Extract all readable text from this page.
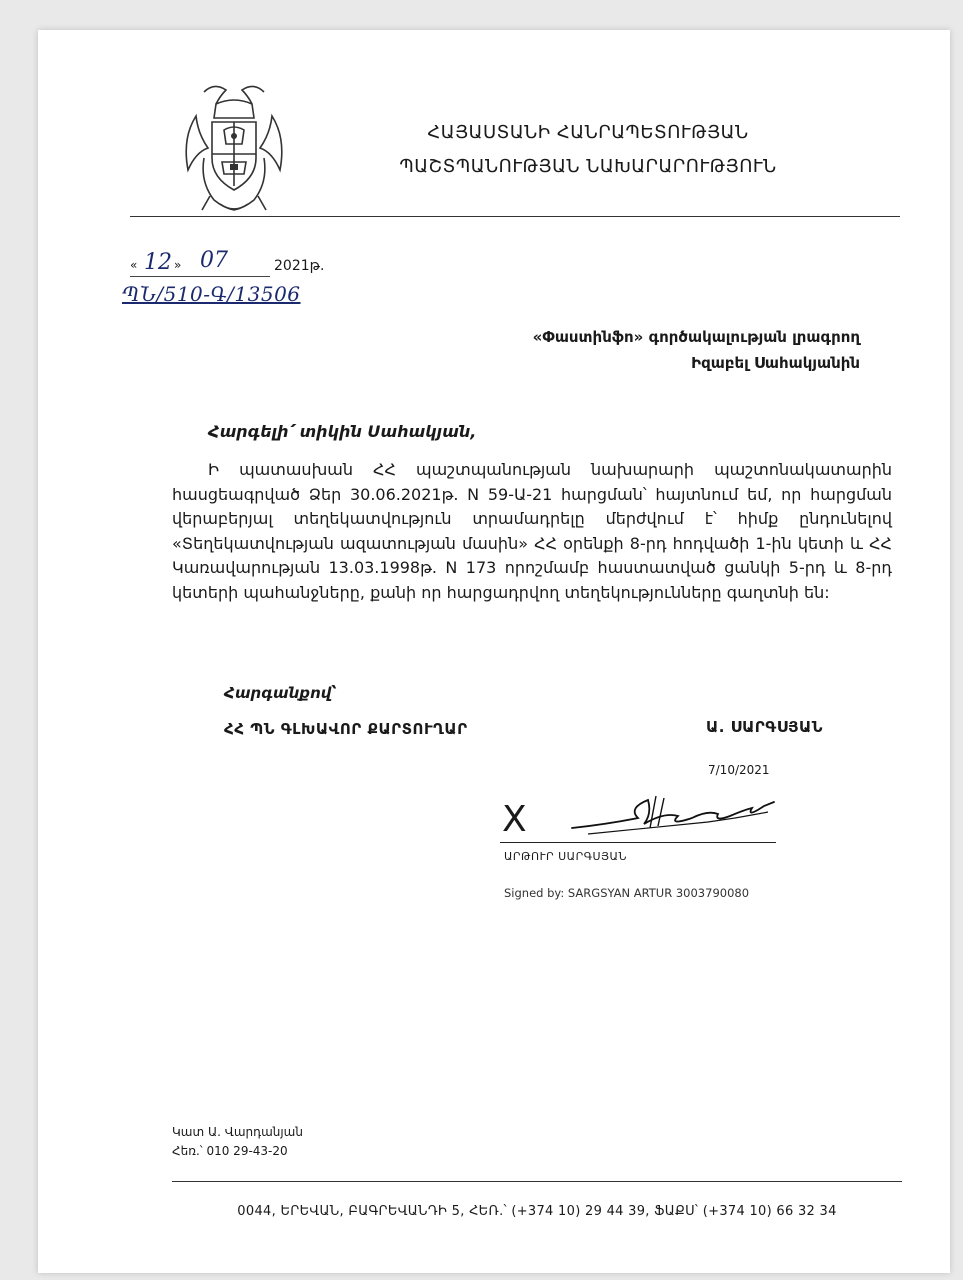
ՀԱՅԱՍՏԱՆԻ ՀԱՆՐԱՊԵՏՈՒԹՅԱՆ
ՊԱՇՏՊԱՆՈՒԹՅԱՆ ՆԱԽԱՐԱՐՈՒԹՅՈՒՆ
« 12 » 07	2021թ.
ՊՆ/510-Գ/13506
«Փաստինֆո» գործակալության լրագրող
Իզաբել Սահակյանին
Հարգելի՛ տիկին Սահակյան,
Ի պատասխան ՀՀ պաշտպանության նախարարի պաշտոնակատարին հասցեագրված Ձեր 30.06.2021թ. N 59-Ա-21 հարցման՝ հայտնում եմ, որ հարցման վերաբերյալ տեղեկատվություն տրամադրելը մերժվում է՝ հիմք ընդունելով «Տեղեկատվության ազատության մասին» ՀՀ օրենքի 8-րդ հոդվածի 1-ին կետի և ՀՀ Կառավարության 13.03.1998թ. N 173 որոշմամբ հաստատված ցանկի 5-րդ և 8-րդ կետերի պահանջները, քանի որ հարցադրվող տեղեկությունները գաղտնի են:
Հարգանքով՝
ՀՀ ՊՆ ԳԼԽԱՎՈՐ ՔԱՐՏՈՒՂԱՐ	Ա. ՍԱՐԳՍՅԱՆ
7/10/2021
X
ԱՐԹՈՒՐ ՍԱՐԳՍՅԱՆ
Signed by: SARGSYAN ARTUR 3003790080
Կատ Ա. Վարդանյան
Հեռ.՝ 010 29-43-20
0044, ԵՐԵՎԱՆ, ԲԱԳՐԵՎԱՆԴԻ 5, ՀԵՌ.՝ (+374 10) 29 44 39, ՖԱՔՍ՝ (+374 10) 66 32 34
